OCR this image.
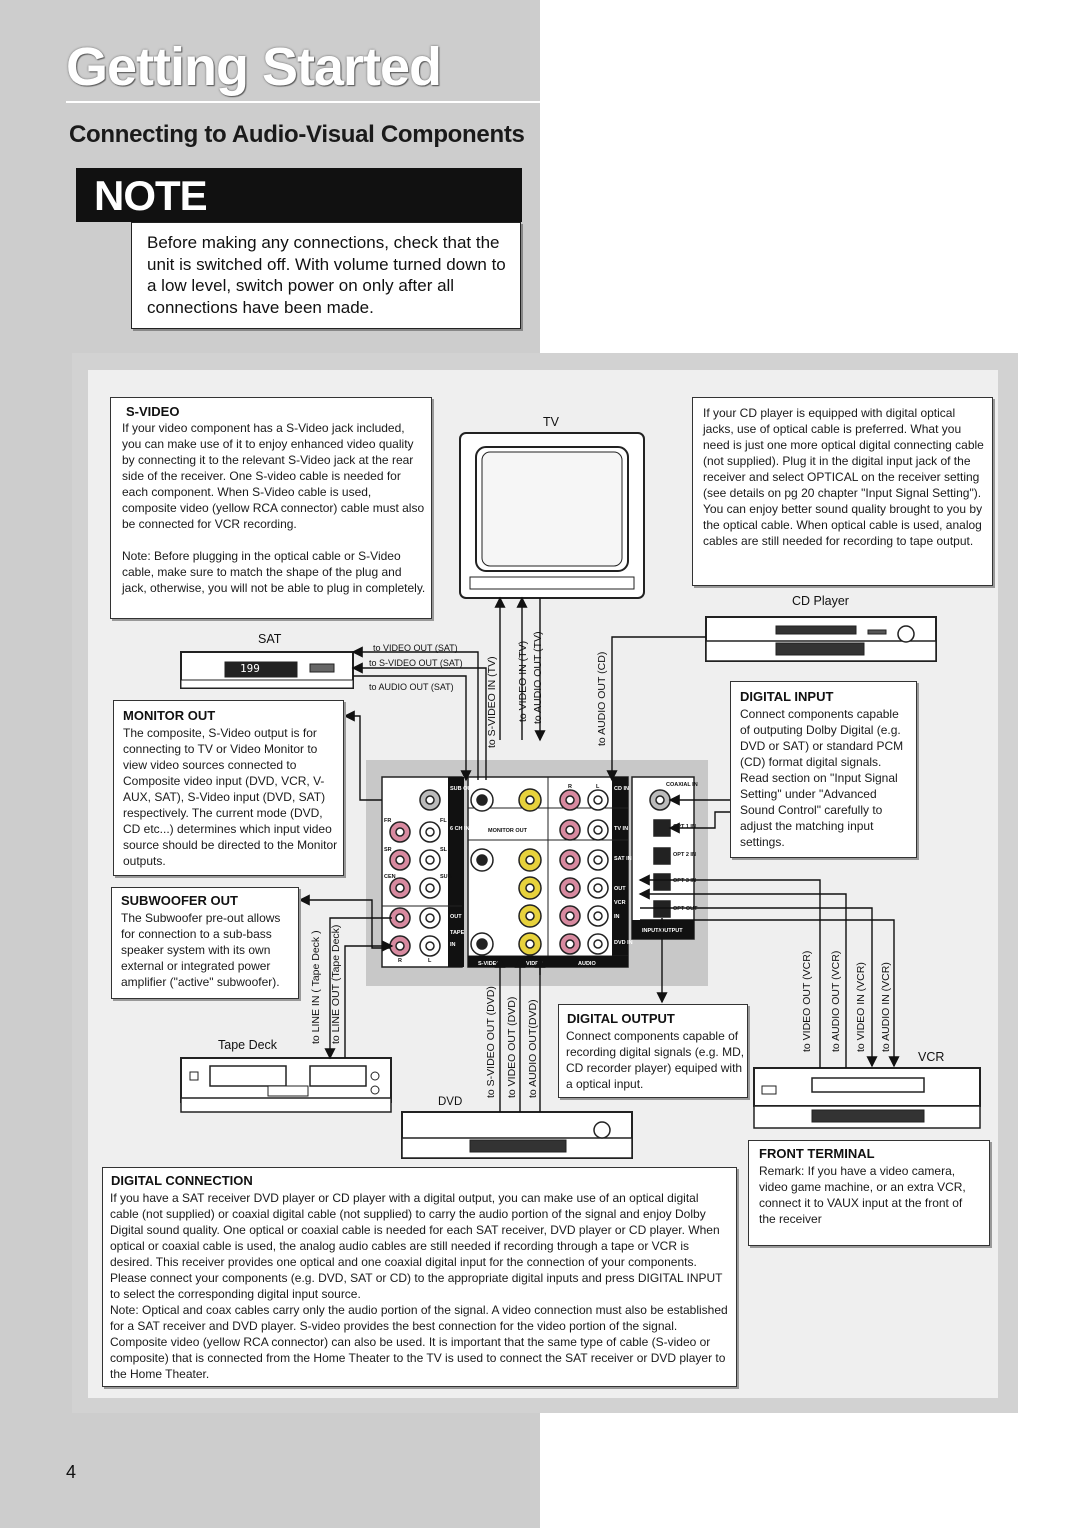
Getting Started
Connecting to Audio-Visual Components
NOTE
Before making any connections, check that the unit is switched off. With volume turned down to a low level, switch power on only after all connections have been made.
SUB OUT
6 CH INPUT
OUT
TAPE
IN
CD IN
TV IN
SAT IN
OUT
VCR
IN
DVD IN
INPUT/OUTPUT
S-VIDEO	VIDEO	AUDIO
MONITOR OUT
COAXIAL IN
OPT 1 IN
OPT 2 IN
OPT 3 IN
OPT OUT
FR	FL
SR	SL
CEN	SUB
R	L
R	L
TV
SAT
199
CD Player
Tape Deck
DVD
VCR
to VIDEO OUT (SAT)
to S-VIDEO OUT (SAT)
to AUDIO OUT (SAT)	to S-VIDEO IN (TV) to VIDEO IN (TV) to AUDIO OUT (TV)	to AUDIO OUT (CD)
to LINE IN ( Tape Deck ) to LINE OUT (Tape Deck)	to S-VIDEO OUT (DVD) to VIDEO OUT (DVD) to AUDIO OUT(DVD)	to VIDEO OUT (VCR) to AUDIO OUT (VCR) to VIDEO IN (VCR) to AUDIO IN (VCR)
S-VIDEO
If your video component has a S-Video jack included, you can make use of it to enjoy enhanced video quality by connecting it to the relevant S-Video jack at the rear side of the receiver. One S-video cable is needed for each component. When S-Video cable is used, composite video (yellow RCA connector) cable must also be connected for VCR recording.
Note: Before plugging in the optical cable or S-Video cable, make sure to match the shape of the plug and jack, otherwise, you will not be able to plug in completely.
If your CD player is equipped with digital optical jacks, use of optical cable is preferred. What you need is just one more optical digital connecting cable (not supplied). Plug it in the digital input jack of the receiver and select OPTICAL on the receiver setting (see details on pg 20 chapter "Input Signal Setting"). You can enjoy better sound quality brought to you by the optical cable. When optical cable is used, analog cables are still needed for recording to tape output.
MONITOR OUT
The composite, S-Video output is for connecting to TV or Video Monitor to view video sources connected to Composite video input (DVD, VCR, V-AUX, SAT), S-Video input (DVD, SAT) respectively. The current mode (DVD, CD etc...) determines which input video source should be directed to the Monitor outputs.
SUBWOOFER OUT
The Subwoofer pre-out allows for connection to a sub-bass speaker system with its own external or integrated power amplifier ("active" subwoofer).
DIGITAL INPUT
Connect components capable of outputing Dolby Digital (e.g. DVD or SAT) or standard PCM (CD) format digital signals. Read section on "Input Signal Setting" under "Advanced Sound Control" carefully to adjust the matching input settings.
DIGITAL OUTPUT
Connect components capable of recording digital signals (e.g. MD, CD recorder player) equiped with a optical input.
FRONT TERMINAL
Remark: If you have a video camera, video game machine, or an extra VCR, connect it to VAUX input at the front of the receiver
DIGITAL CONNECTION
If you have a SAT receiver DVD player or CD player with a digital output, you can make use of an optical digital cable (not supplied) or coaxial digital cable (not supplied) to carry the audio portion of the signal and enjoy Dolby Digital sound quality. One optical or coaxial cable is needed for each SAT receiver, DVD player or CD player. When optical or coaxial cable is used, the analog audio cables are still needed if recording through a tape or VCR is desired. This receiver provides one optical and one coaxial digital input for the connection of your components. Please connect your components (e.g. DVD, SAT or CD) to the appropriate digital inputs and press DIGITAL INPUT to select the corresponding digital input source.
Note: Optical and coax cables carry only the audio portion of the signal. A video connection must also be established for a SAT receiver and DVD player. S-video provides the best connection for the video portion of the signal. Composite video (yellow RCA connector) can also be used. It is important that the same type of cable (S-video or composite) that is connected from the Home Theater to the TV is used to connect the SAT receiver or DVD player to the Home Theater.
4
